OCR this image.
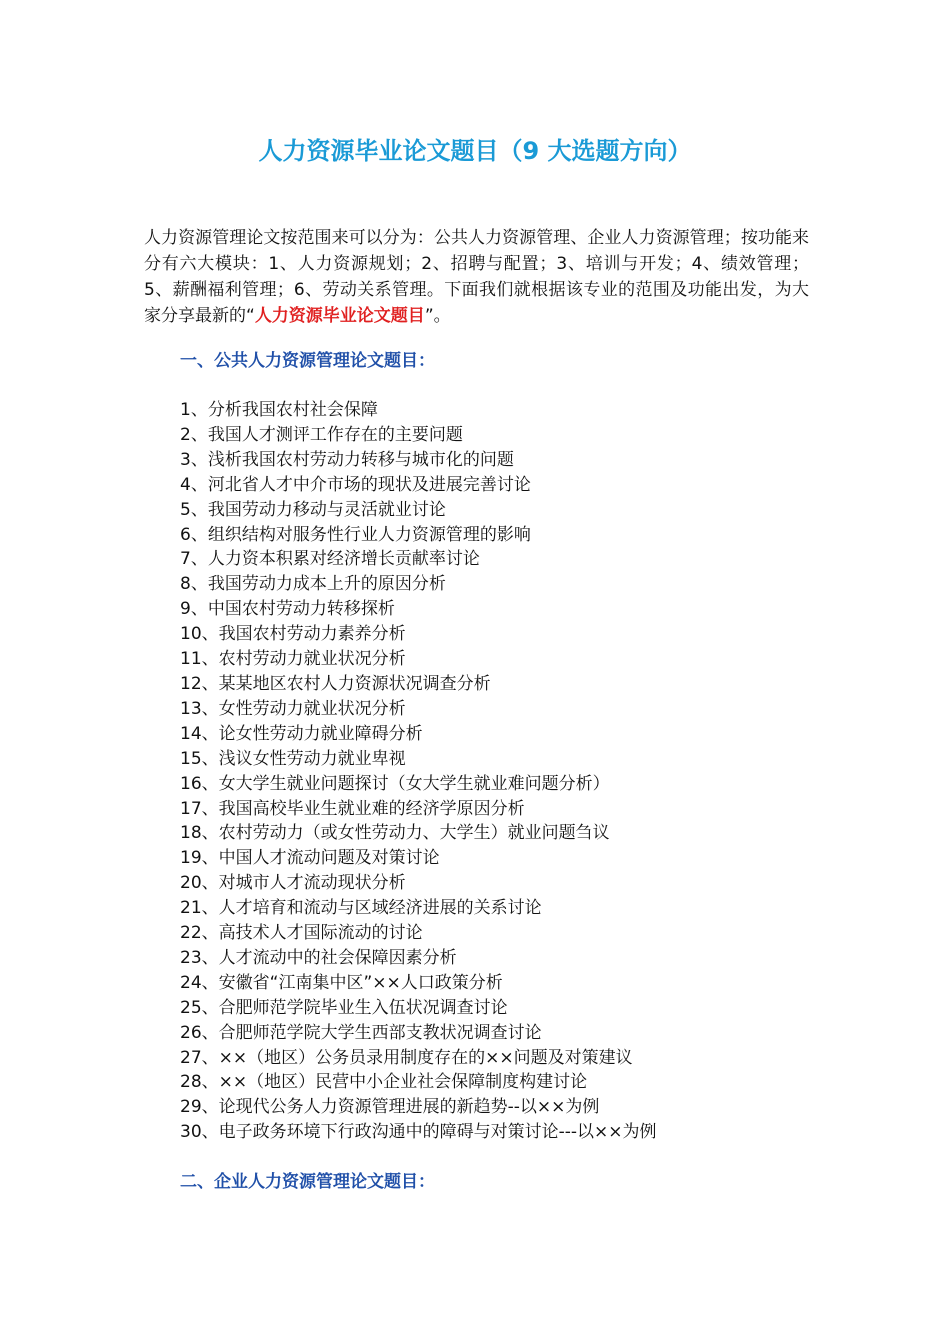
人力资源毕业论文题目（9 大选题方向）
人力资源管理论文按范围来可以分为：公共人力资源管理、企业人力资源管理；按功能来分有六大模块：1、人力资源规划；2、招聘与配置；3、培训与开发；4、绩效管理；5、薪酬福利管理；6、劳动关系管理。下面我们就根据该专业的范围及功能出发，为大家分享最新的“人力资源毕业论文题目”。
一、公共人力资源管理论文题目：
1、分析我国农村社会保障
2、我国人才测评工作存在的主要问题
3、浅析我国农村劳动力转移与城市化的问题
4、河北省人才中介市场的现状及进展完善讨论
5、我国劳动力移动与灵活就业讨论
6、组织结构对服务性行业人力资源管理的影响
7、人力资本积累对经济增长贡献率讨论
8、我国劳动力成本上升的原因分析
9、中国农村劳动力转移探析
10、我国农村劳动力素养分析
11、农村劳动力就业状况分析
12、某某地区农村人力资源状况调查分析
13、女性劳动力就业状况分析
14、论女性劳动力就业障碍分析
15、浅议女性劳动力就业卑视
16、女大学生就业问题探讨（女大学生就业难问题分析）
17、我国高校毕业生就业难的经济学原因分析
18、农村劳动力（或女性劳动力、大学生）就业问题刍议
19、中国人才流动问题及对策讨论
20、对城市人才流动现状分析
21、人才培育和流动与区域经济进展的关系讨论
22、高技术人才国际流动的讨论
23、人才流动中的社会保障因素分析
24、安徽省“江南集中区”××人口政策分析
25、合肥师范学院毕业生入伍状况调查讨论
26、合肥师范学院大学生西部支教状况调查讨论
27、××（地区）公务员录用制度存在的××问题及对策建议
28、××（地区）民营中小企业社会保障制度构建讨论
29、论现代公务人力资源管理进展的新趋势--以××为例
30、电子政务环境下行政沟通中的障碍与对策讨论---以××为例
二、企业人力资源管理论文题目：
